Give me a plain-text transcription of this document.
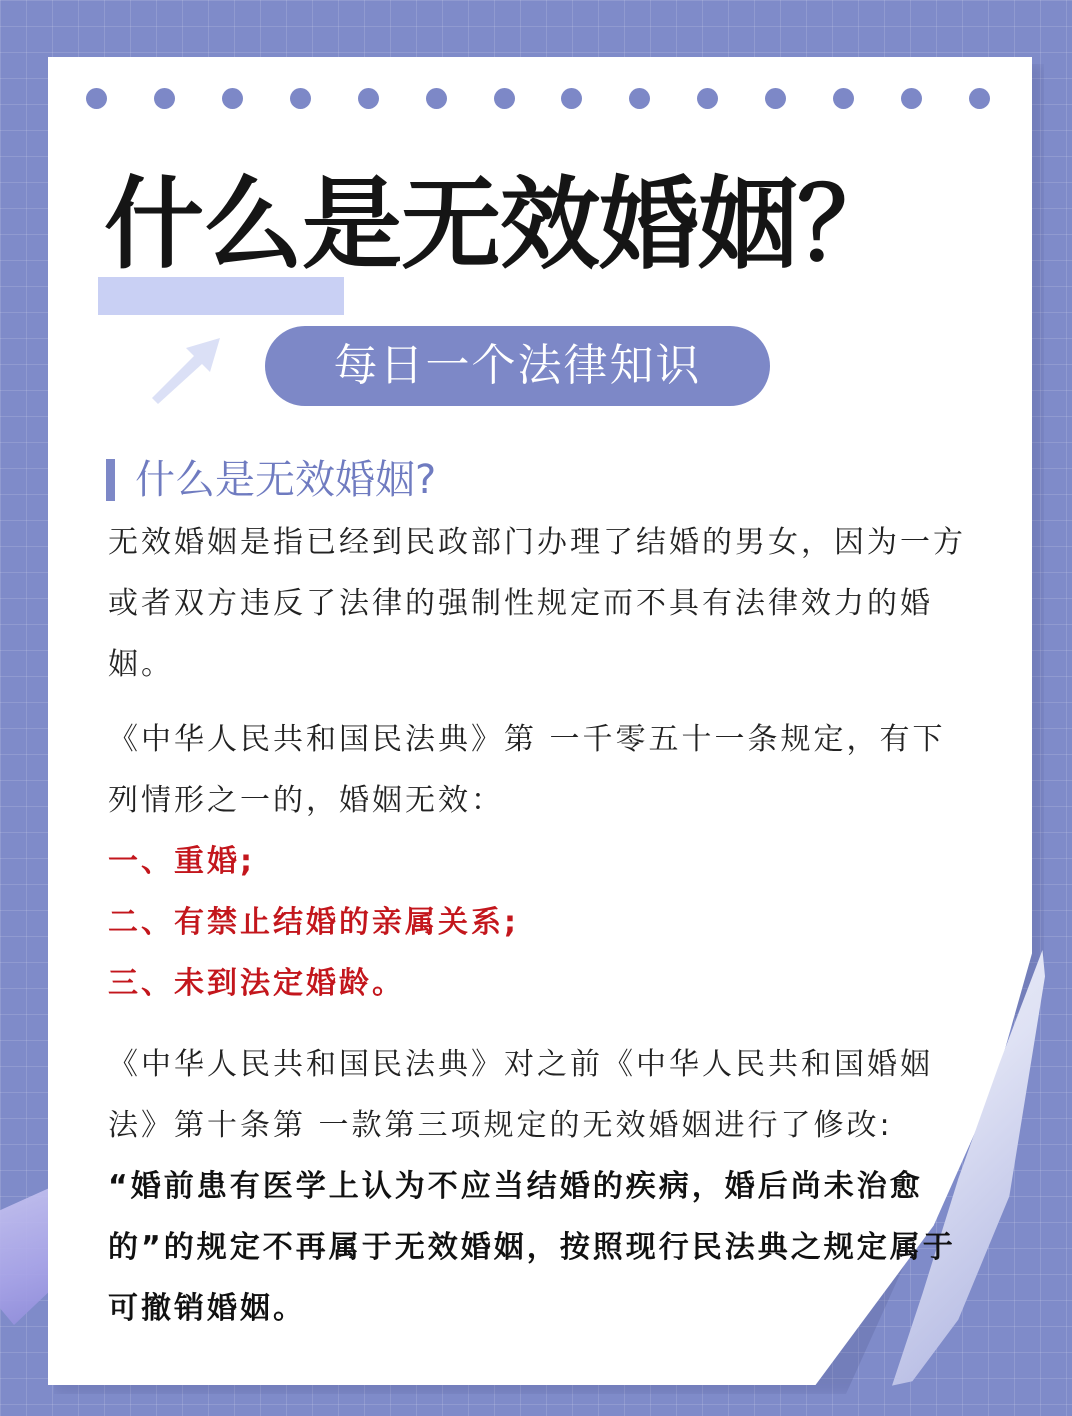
什么是无效婚姻？
每日一个法律知识
什么是无效婚姻?

无效婚姻是指已经到民政部门办理了结婚的男女，因为一方或者双方违反了法律的强制性规定而不具有法律效力的婚姻。

《中华人民共和国民法典》第 一千零五十一条规定，有下列情形之一的，婚姻无效：

一、重婚;

二、有禁止结婚的亲属关系;

三、未到法定婚龄。

《中华人民共和国民法典》对之前《中华人民共和国婚姻法》第十条第 一款第三项规定的无效婚姻进行了修改:

“婚前患有医学上认为不应当结婚的疾病，婚后尚未治愈的”的规定不再属于无效婚姻，按照现行民法典之规定属于可撤销婚姻。
